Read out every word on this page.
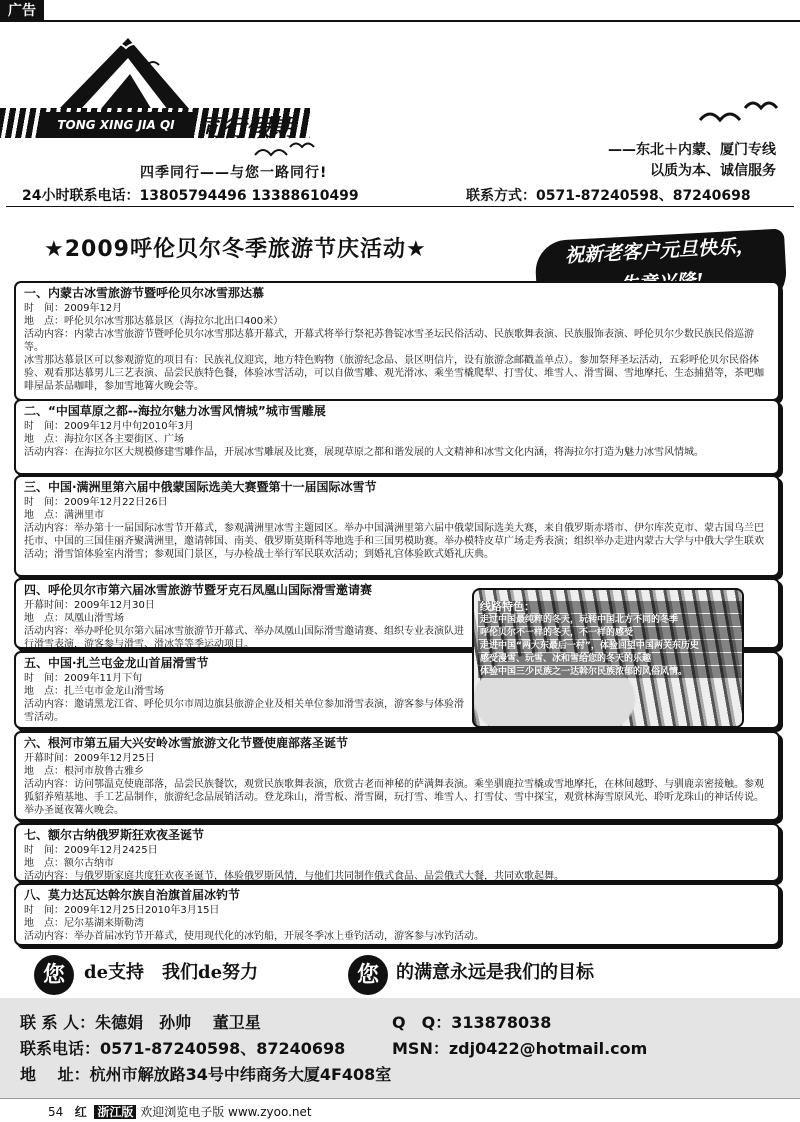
广告
TONG XING JIA QI 同行假期
——东北＋内蒙、厦门专线
以质为本、诚信服务
四季同行——与您一路同行!
24小时联系电话：13805794496 13388610499	联系方式：0571-87240598、87240698
★2009呼伦贝尔冬季旅游节庆活动★	祝新老客户元旦快乐，
一、内蒙古冰雪旅游节暨呼伦贝尔冰雪那达慕
时　间：2009年12月
地　点：呼伦贝尔冰雪那达慕景区（海拉尔北出口400米）

活动内容：内蒙古冰雪旅游节暨呼伦贝尔冰雪那达慕开幕式，开幕式将举行祭祀苏鲁锭冰雪圣坛民俗活动、民族歌舞表演、民族服饰表演、呼伦贝尔少数民族民俗巡游等。

冰雪那达慕景区可以参观游览的项目有：民族礼仪迎宾，地方特色购物（旅游纪念品、景区明信片，设有旅游念邮戳盖单点）。参加祭拜圣坛活动，五彩呼伦贝尔民俗体验、观看那达慕男儿三艺表演、品尝民族特色餐，体验冰雪活动，可以自做雪雕、观光滑冰、乘坐雪橇爬犁、打雪仗、堆雪人、滑雪圈、雪地摩托、生态捕猎等，茶吧咖啡屋品茶品咖啡，参加雪地篝火晚会等。

二、“中国草原之都--海拉尔魅力冰雪风情城”城市雪雕展
时　间：2009年12月中旬2010年3月
地　点：海拉尔区各主要街区、广场

活动内容：在海拉尔区大规模修建雪雕作品，开展冰雪雕展及比赛，展现草原之都和谐发展的人文精神和冰雪文化内涵，将海拉尔打造为魅力冰雪风情城。

三、中国·满洲里第六届中俄蒙国际选美大赛暨第十一届国际冰雪节
时　间：2009年12月22日26日
地　点：满洲里市

活动内容：举办第十一届国际冰雪节开幕式，参观满洲里冰雪主题园区。举办中国满洲里第六届中俄蒙国际选美大赛，来自俄罗斯赤塔市、伊尔库茨克市、蒙古国乌兰巴托市、中国的三国佳丽齐聚满洲里，邀请韩国、南美、俄罗斯莫斯科等地选手和三国男模助赛。举办模特皮草广场走秀表演；组织举办走进内蒙古大学与中俄大学生联欢活动；滑雪馆体验室内滑雪；参观国门景区，与办检战士举行军民联欢活动；到婚礼宫体验欧式婚礼庆典。

四、呼伦贝尔市第六届冰雪旅游节暨牙克石凤凰山国际滑雪邀请赛
开幕时间：2009年12月30日
地　点：凤凰山滑雪场

活动内容：举办呼伦贝尔第六届冰雪旅游节开幕式、举办凤凰山国际滑雪邀请赛、组织专业表演队进行滑雪表演，游客参与滑雪、滑冰等等季运动项目。

五、中国·扎兰屯金龙山首届滑雪节
时　间：2009年11月下旬
地　点：扎兰屯市金龙山滑雪场

活动内容：邀请黑龙江省、呼伦贝尔市周边旗县旅游企业及相关单位参加滑雪表演，游客参与体验滑雪活动。

线路特色：
走过中国最纯粹的冬天，玩转中国北方不同的冬季
呼伦贝尔不一样的冬天，不一样的感受
走进中国“两大东最后一村”，体验回望中国两关东历史
感受漫雪、玩雪、冰和雪给您的冬天的乐趣
体验中国三少民族之一达斡尔民族浓郁的风俗风情。
六、根河市第五届大兴安岭冰雪旅游文化节暨使鹿部落圣诞节
开幕时间：2009年12月25日
地　点：根河市敖鲁古雅乡

活动内容：访问鄂温克使鹿部落，品尝民族餐饮，观赏民族歌舞表演，欣赏古老而神秘的萨满舞表演。乘坐驯鹿拉雪橇或雪地摩托，在林间越野、与驯鹿亲密接触。参观狐貂养殖基地、手工艺品制作，旅游纪念品展销活动。登龙珠山，滑雪板、滑雪圈，玩打雪、堆雪人、打雪仗、雪中探宝，观赏林海雪原风光、聆听龙珠山的神话传说。举办圣诞夜篝火晚会。

七、额尔古纳俄罗斯狂欢夜圣诞节
时　间：2009年12月2425日
地　点：额尔古纳市

活动内容：与俄罗斯家庭共度狂欢夜圣诞节，体验俄罗斯风情，与他们共同制作俄式食品、品尝俄式大餐，共同欢歌起舞。

八、莫力达瓦达斡尔族自治旗首届冰钓节
时　间：2009年12月25日2010年3月15日
地　点：尼尔基湖来斯勒湾

活动内容：举办首届冰钓节开幕式，使用现代化的冰钓船，开展冬季冰上垂钓活动，游客参与冰钓活动。

您	de支持　我们de努力	您 的满意永远是我们的目标
联 系 人：朱德娟　孙帅　 董卫星	Q　Q：313878038
联系电话：0571-87240598、87240698	MSN：zdj0422@hotmail.com
地　 址：杭州市解放路34号中纬商务大厦4F408室
54 红 浙江版 欢迎浏览电子版 www.zyoo.net
